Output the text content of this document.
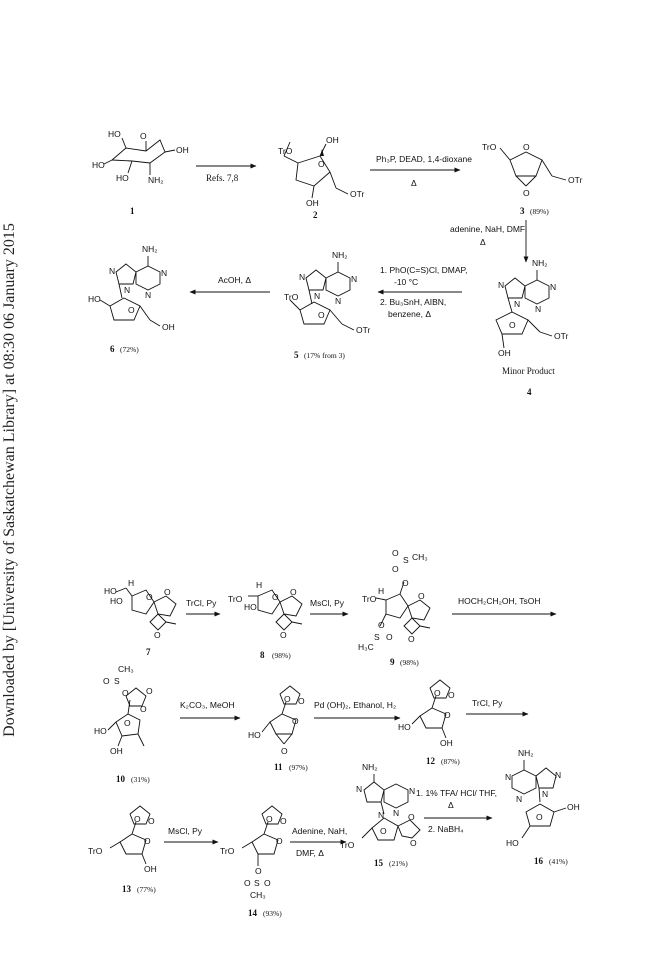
Downloaded by [University of Saskatchewan Library] at 08:30 06 January 2015
HO
HO
HO
O
OH
NH₂
1
Refs. 7,8
TrO
OH
O
OH
OTr
2
Ph₃P, DEAD, 1,4-dioxane
Δ
TrO	O
O
OTr
3 (89%)
adenine, NaH, DMF
Δ
NH₂
N	N
N
N
O
OH
OTr
Minor Product
4
1. PhO(C=S)Cl, DMAP,
-10 °C
2. Bu₃SnH, AIBN,
benzene, Δ
NH₂
N	N
N
N
TrO
O
OTr
5 (17% from 3)
AcOH, Δ
NH₂
N	N
N
N
HO
O
OH
6 (72%)
HO
HO
H
O O
O
7
TrCl, Py TrO
HO
H
O O
O
8 (98%)
MsCl, Py
CH₃
S
O
O
O
TrO
H
O
S O
H₃C
O
O
9 (98%)
HOCH₂CH₂OH, TsOH
CH₃
S
O
O O
O
O
HO
OH
10 (31%)
K₂CO₃, MeOH
O O
O
O
HO
11 (97%)
Pd (OH)₂, Ethanol, H₂
O O
O
HO
OH
12 (87%)
TrCl, Py
O O
O
TrO
OH
13 (77%)
MsCl, Py
O O
O
TrO
O
O S O
CH₃
14 (93%)
Adenine, NaH,
DMF, Δ
NH₂
N	N
N
N
O
O
O
TrO
15 (21%)
1. 1% TFA/ HCl/ THF,
Δ
2. NaBH₄
NH₂
N
N
N
N
O
OH
HO
16 (41%)
